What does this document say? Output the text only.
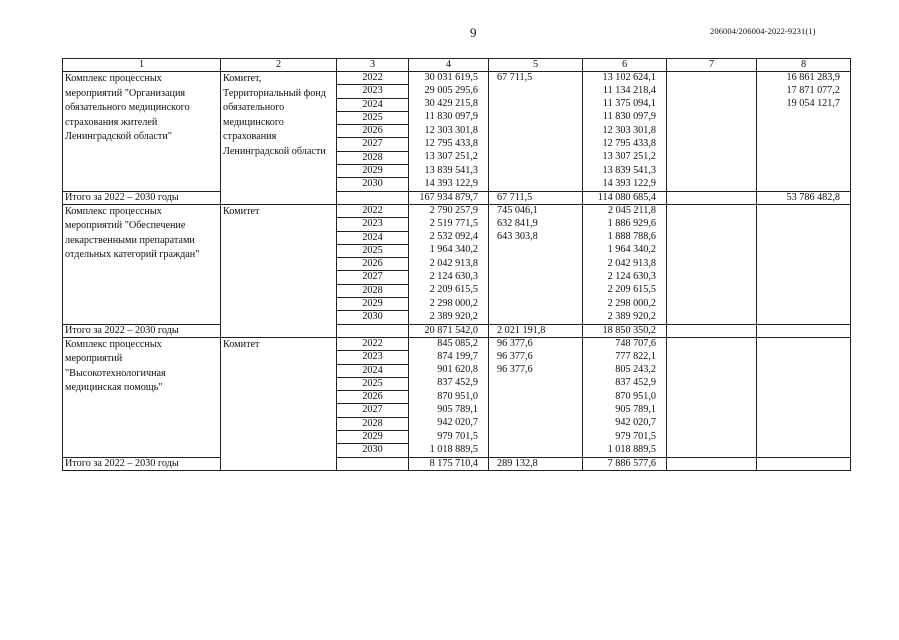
9	206004/206004-2022-9231(1)
1	2	3	4	5	6	7	8
Комплекс процессных мероприятий "Организация обязательного медицинского страхования жителей Ленинградской области"	Комитет, Территориальный фонд обязательного медицинского страхования Ленинградской области	2022	30 031 619,5	67 711,5	13 102 624,1		16 861 283,9
		2023	29 005 295,6		11 134 218,4		17 871 077,2
		2024	30 429 215,8		11 375 094,1		19 054 121,7
		2025	11 830 097,9		11 830 097,9		
		2026	12 303 301,8		12 303 301,8		
		2027	12 795 433,8		12 795 433,8		
		2028	13 307 251,2		13 307 251,2		
		2029	13 839 541,3		13 839 541,3		
		2030	14 393 122,9		14 393 122,9		
Итого за 2022 – 2030 годы			167 934 879,7	67 711,5	114 080 685,4		53 786 482,8
Комплекс процессных мероприятий "Обеспечение лекарственными препаратами отдельных категорий граждан"	Комитет	2022	2 790 257,9	745 046,1	2 045 211,8		
		2023	2 519 771,5	632 841,9	1 886 929,6		
		2024	2 532 092,4	643 303,8	1 888 788,6		
		2025	1 964 340,2		1 964 340,2		
		2026	2 042 913,8		2 042 913,8		
		2027	2 124 630,3		2 124 630,3		
		2028	2 209 615,5		2 209 615,5		
		2029	2 298 000,2		2 298 000,2		
		2030	2 389 920,2		2 389 920,2		
Итого за 2022 – 2030 годы			20 871 542,0	2 021 191,8	18 850 350,2		
Комплекс процессных мероприятий "Высокотехнологичная медицинская помощь"	Комитет	2022	845 085,2	96 377,6	748 707,6		
		2023	874 199,7	96 377,6	777 822,1		
		2024	901 620,8	96 377,6	805 243,2		
		2025	837 452,9		837 452,9		
		2026	870 951,0		870 951,0		
		2027	905 789,1		905 789,1		
		2028	942 020,7		942 020,7		
		2029	979 701,5		979 701,5		
		2030	1 018 889,5		1 018 889,5		
Итого за 2022 – 2030 годы			8 175 710,4	289 132,8	7 886 577,6		
